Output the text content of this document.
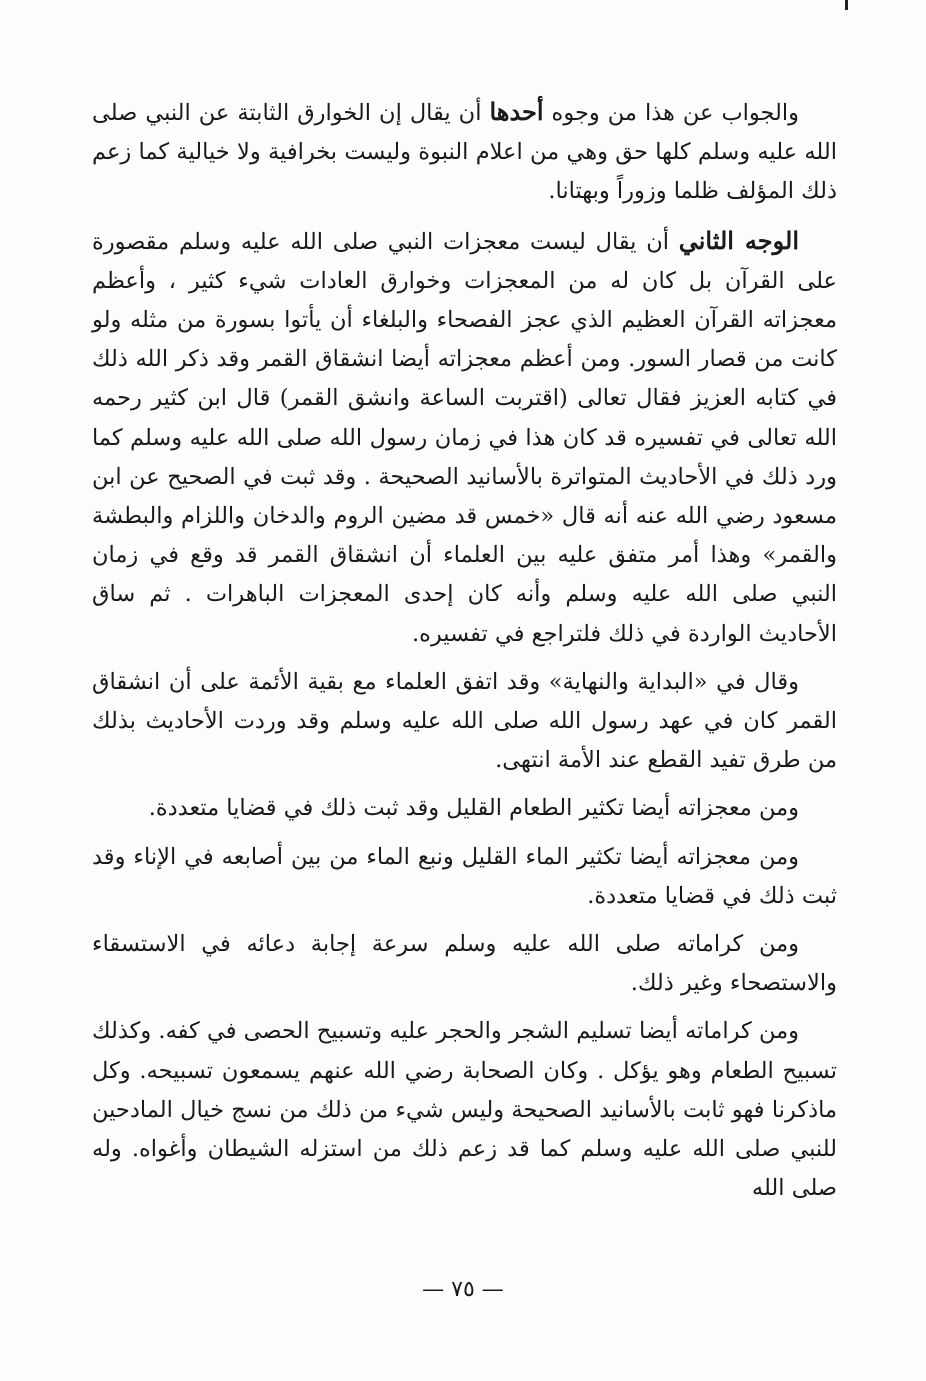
والجواب عن هذا من وجوه أحدها أن يقال إن الخوارق الثابتة عن النبي صلى الله عليه وسلم كلها حق وهي من اعلام النبوة وليست بخرافية ولا خيالية كما زعم ذلك المؤلف ظلما وزوراً وبهتانا.

الوجه الثاني أن يقال ليست معجزات النبي صلى الله عليه وسلم مقصورة على القرآن بل كان له من المعجزات وخوارق العادات شيء كثير ، وأعظم معجزاته القرآن العظيم الذي عجز الفصحاء والبلغاء أن يأتوا بسورة من مثله ولو كانت من قصار السور. ومن أعظم معجزاته أيضا انشقاق القمر وقد ذكر الله ذلك في كتابه العزيز فقال تعالى (اقتربت الساعة وانشق القمر) قال ابن كثير رحمه الله تعالى في تفسيره قد كان هذا في زمان رسول الله صلى الله عليه وسلم كما ورد ذلك في الأحاديث المتواترة بالأسانيد الصحيحة . وقد ثبت في الصحيح عن ابن مسعود رضي الله عنه أنه قال «خمس قد مضين الروم والدخان واللزام والبطشة والقمر» وهذا أمر متفق عليه بين العلماء أن انشقاق القمر قد وقع في زمان النبي صلى الله عليه وسلم وأنه كان إحدى المعجزات الباهرات . ثم ساق الأحاديث الواردة في ذلك فلتراجع في تفسيره.

وقال في «البداية والنهاية» وقد اتفق العلماء مع بقية الأئمة على أن انشقاق القمر كان في عهد رسول الله صلى الله عليه وسلم وقد وردت الأحاديث بذلك من طرق تفيد القطع عند الأمة انتهى.

ومن معجزاته أيضا تكثير الطعام القليل وقد ثبت ذلك في قضايا متعددة.

ومن معجزاته أيضا تكثير الماء القليل ونبع الماء من بين أصابعه في الإناء وقد ثبت ذلك في قضايا متعددة.

ومن كراماته صلى الله عليه وسلم سرعة إجابة دعائه في الاستسقاء والاستصحاء وغير ذلك.

ومن كراماته أيضا تسليم الشجر والحجر عليه وتسبيح الحصى في كفه. وكذلك تسبيح الطعام وهو يؤكل . وكان الصحابة رضي الله عنهم يسمعون تسبيحه. وكل ماذكرنا فهو ثابت بالأسانيد الصحيحة وليس شيء من ذلك من نسج خيال المادحين للنبي صلى الله عليه وسلم كما قد زعم ذلك من استزله الشيطان وأغواه. وله صلى الله

— ٧٥ —
